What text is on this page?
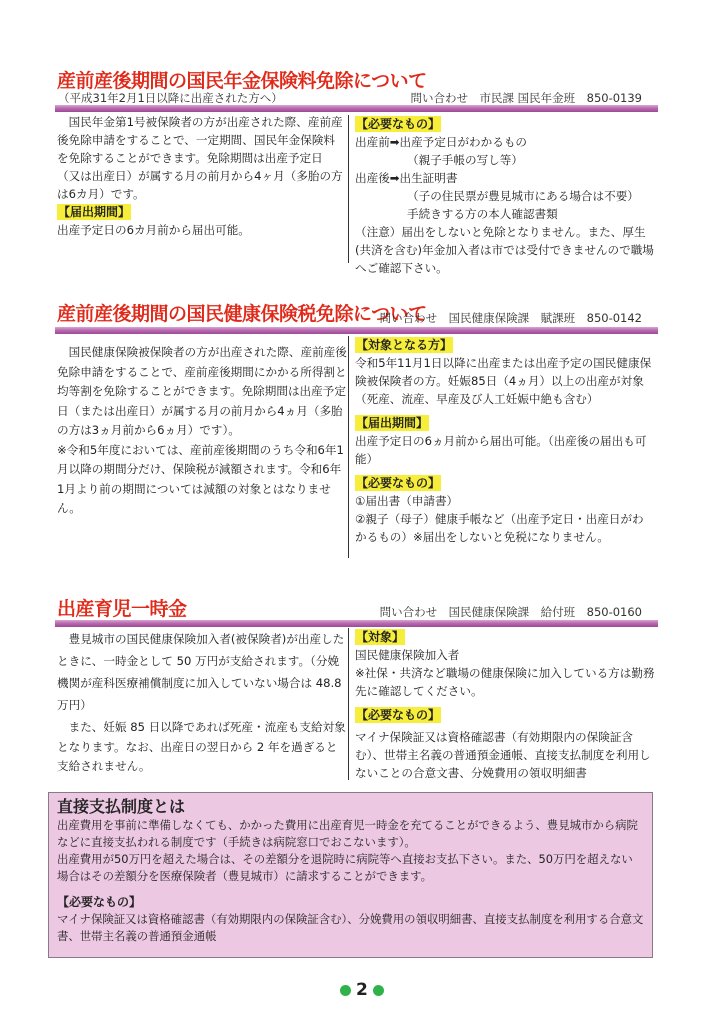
産前産後期間の国民年金保険料免除について
（平成31年2月1日以降に出産された方へ）	問い合わせ　市民課 国民年金班　850-0139

国民年金第1号被保険者の方が出産された際、産前産後免除申請をすることで、一定期間、国民年金保険料を免除することができます。免除期間は出産予定日（又は出産日）が属する月の前月から4ヶ月（多胎の方は6カ月）です。

【届出期間】

出産予定日の6カ月前から届出可能。

【必要なもの】

出産前➡出産予定日がわかるもの

（親子手帳の写し等）

出産後➡出生証明書

（子の住民票が豊見城市にある場合は不要）

手続きする方の本人確認書類

（注意）届出をしないと免除となりません。また、厚生(共済を含む)年金加入者は市では受付できませんので職場へご確認下さい。

産前産後期間の国民健康保険税免除について
問い合わせ　国民健康保険課　賦課班　850-0142

国民健康保険被保険者の方が出産された際、産前産後免除申請をすることで、産前産後期間にかかる所得割と均等割を免除することができます。免除期間は出産予定日（または出産日）が属する月の前月から4ヵ月（多胎の方は3ヵ月前から6ヵ月）です）。

※令和5年度においては、産前産後期間のうち令和6年1月以降の期間分だけ、保険税が減額されます。令和6年1月より前の期間については減額の対象とはなりません。

【対象となる方】

令和5年11月1日以降に出産または出産予定の国民健康保険被保険者の方。妊娠85日（4ヵ月）以上の出産が対象（死産、流産、早産及び人工妊娠中絶も含む）

【届出期間】

出産予定日の6ヵ月前から届出可能。（出産後の届出も可能）

【必要なもの】

①届出書（申請書）

②親子（母子）健康手帳など（出産予定日・出産日がわかるもの）※届出をしないと免税になりません。

出産育児一時金	問い合わせ　国民健康保険課　給付班　850-0160

豊見城市の国民健康保険加入者(被保険者)が出産したときに、一時金として 50 万円が支給されます。（分娩機関が産科医療補償制度に加入していない場合は 48.8 万円）

また、妊娠 85 日以降であれば死産・流産も支給対象となります。なお、出産日の翌日から 2 年を過ぎると支給されません。

【対象】

国民健康保険加入者

※社保・共済など職場の健康保険に加入している方は勤務先に確認してください。

【必要なもの】

マイナ保険証又は資格確認書（有効期限内の保険証含む）、世帯主名義の普通預金通帳、直接支払制度を利用しないことの合意文書、分娩費用の領収明細書

直接支払制度とは
出産費用を事前に準備しなくても、かかった費用に出産育児一時金を充てることができるよう、豊見城市から病院などに直接支払われる制度です（手続きは病院窓口でおこないます）。
出産費用が50万円を超えた場合は、その差額分を退院時に病院等へ直接お支払下さい。また、50万円を超えない場合はその差額分を医療保険者（豊見城市）に請求することができます。
【必要なもの】
マイナ保険証又は資格確認書（有効期限内の保険証含む）、分娩費用の領収明細書、直接支払制度を利用する合意文書、世帯主名義の普通預金通帳
2
